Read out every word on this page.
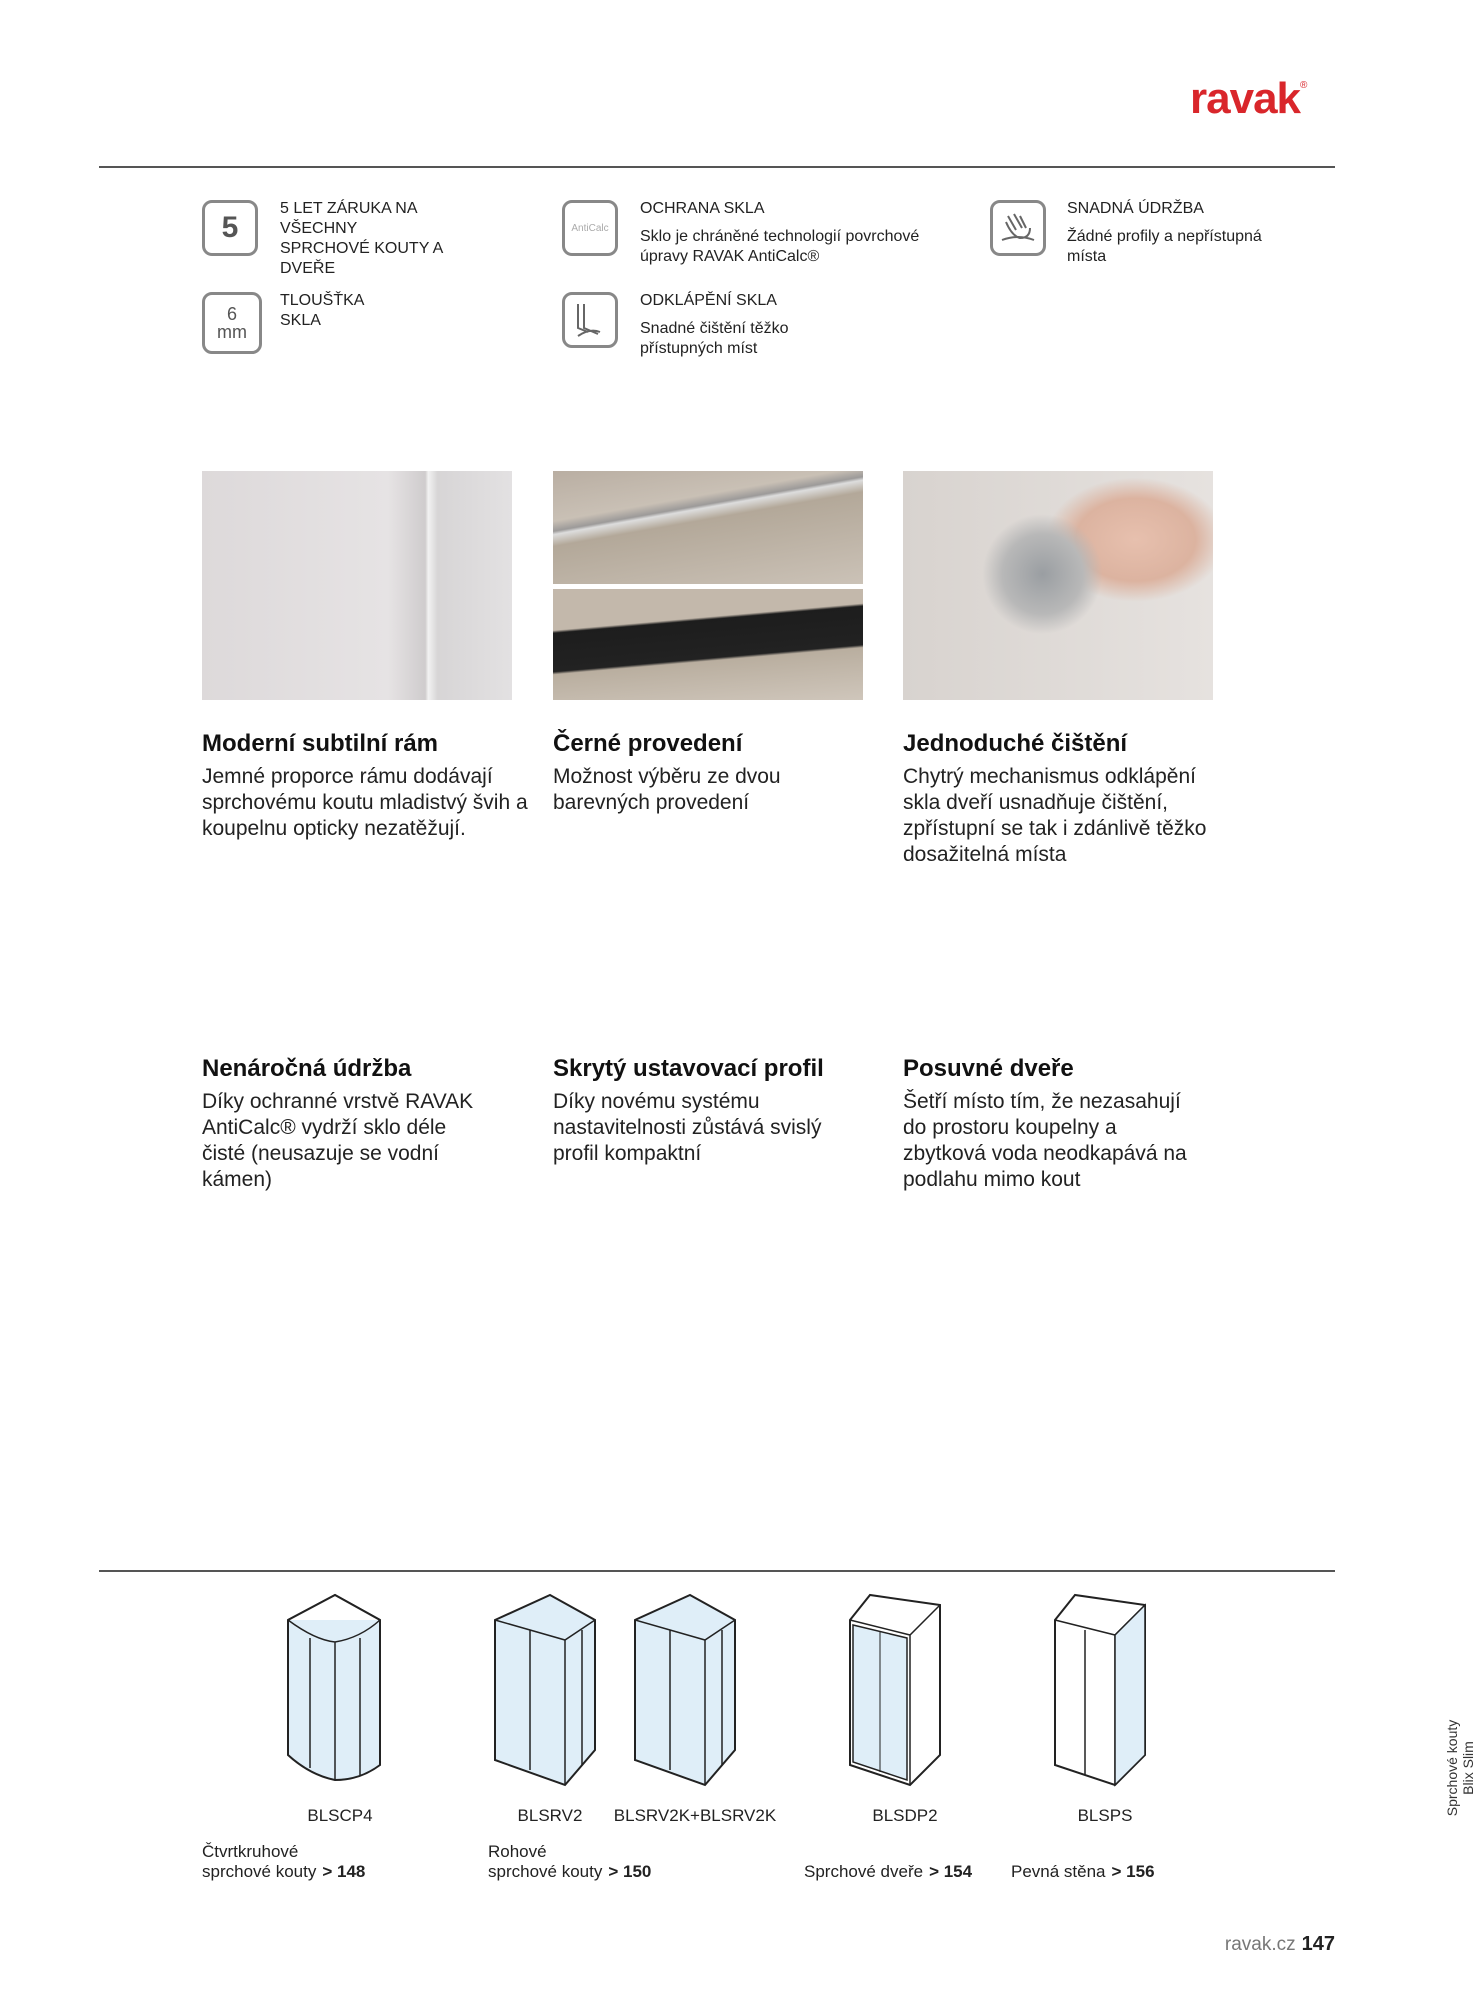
ravak®
5
5 LET ZÁRUKA NA VŠECHNY SPRCHOVÉ KOUTY A DVEŘE
6 mm
TLOUŠŤKA SKLA
AntiCalc
OCHRANA SKLA
Sklo je chráněné technologií povrchové úpravy RAVAK AntiCalc®
ODKLÁPĚNÍ SKLA
Snadné čištění těžko přístupných míst
SNADNÁ ÚDRŽBA
Žádné profily a nepřístupná místa
Moderní subtilní rám
Jemné proporce rámu dodávají sprchovému koutu mladistvý švih a koupelnu opticky nezatěžují.
Černé provedení
Možnost výběru ze dvou barevných provedení
Jednoduché čištění
Chytrý mechanismus odklápění skla dveří usnadňuje čištění, zpřístupní se tak i zdánlivě těžko dosažitelná místa
Nenáročná údržba
Díky ochranné vrstvě RAVAK AntiCalc® vydrží sklo déle čisté (neusazuje se vodní kámen)
Skrytý ustavovací profil
Díky novému systému nastavitelnosti zůstává svislý profil kompaktní
Posuvné dveře
Šetří místo tím, že nezasahují do prostoru koupelny a zbytková voda neodkapává na podlahu mimo kout
BLSCP4	BLSRV2	BLSRV2K+BLSRV2K	BLSDP2	BLSPS
Čtvrtkruhové
sprchové kouty > 148
Rohové
sprchové kouty > 150	Sprchové dveře > 154 Pevná stěna > 156
Sprchové kouty Blix Slim
ravak.cz 147
